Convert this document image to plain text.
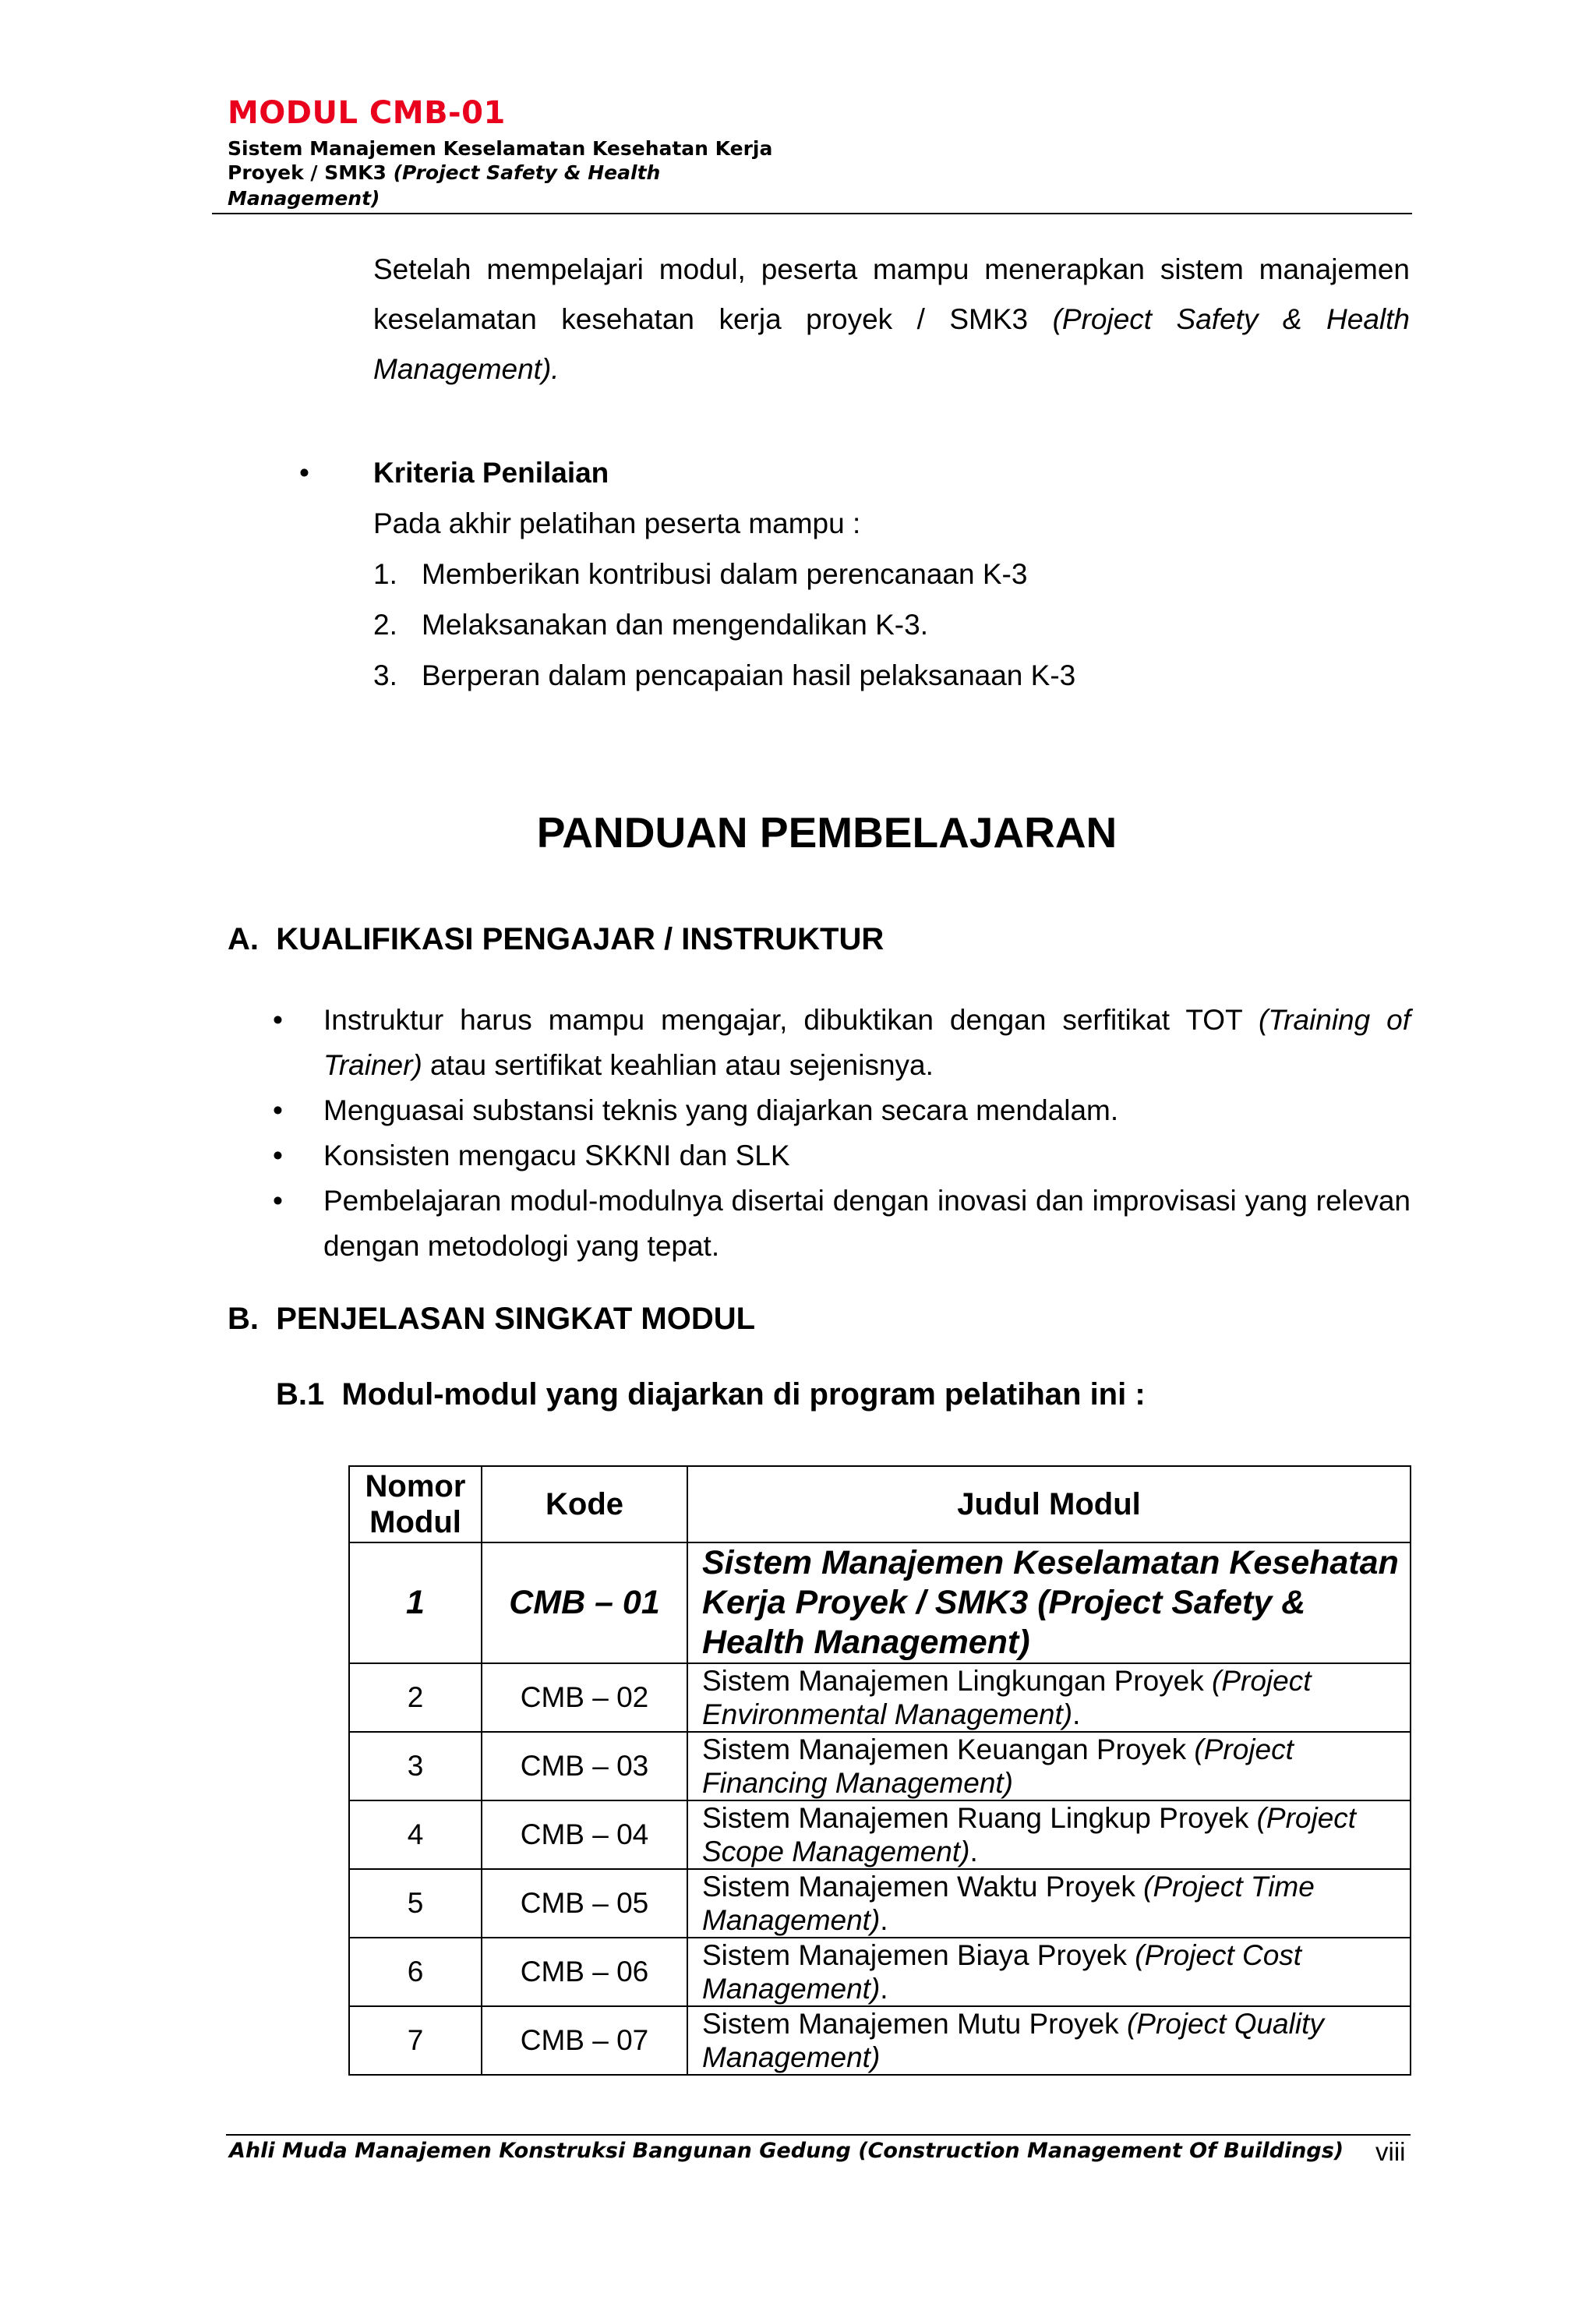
MODUL CMB-01
Sistem Manajemen Keselamatan Kesehatan Kerja
Proyek / SMK3 (Project Safety & Health
Management)
Setelah mempelajari modul, peserta mampu menerapkan sistem manajemen
keselamatan kesehatan kerja proyek / SMK3 (Project Safety & Health
Management).
• Kriteria Penilaian
Pada akhir pelatihan peserta mampu :
1. Memberikan kontribusi dalam perencanaan K-3
2. Melaksanakan dan mengendalikan K-3.
3. Berperan dalam pencapaian hasil pelaksanaan K-3
PANDUAN PEMBELAJARAN
A.  KUALIFIKASI PENGAJAR / INSTRUKTUR
•	Instruktur harus mampu mengajar, dibuktikan dengan serfitikat TOT (Training of Trainer) atau sertifikat keahlian atau sejenisnya.
•	Menguasai substansi teknis yang diajarkan secara mendalam.
•	Konsisten mengacu SKKNI dan SLK
•	Pembelajaran modul-modulnya disertai dengan inovasi dan improvisasi yang relevan dengan metodologi yang tepat.
B.  PENJELASAN SINGKAT MODUL
B.1  Modul-modul yang diajarkan di program pelatihan ini :
Nomor
Modul	Kode	Judul Modul
1	CMB – 01	Sistem Manajemen Keselamatan Kesehatan Kerja Proyek / SMK3 (Project Safety & Health Management)
2	CMB – 02	Sistem Manajemen Lingkungan Proyek (Project Environmental Management).
3	CMB – 03	Sistem Manajemen Keuangan Proyek (Project Financing Management)
4	CMB – 04	Sistem Manajemen Ruang Lingkup Proyek (Project Scope Management).
5	CMB – 05	Sistem Manajemen Waktu Proyek (Project Time Management).
6	CMB – 06	Sistem Manajemen Biaya Proyek (Project Cost Management).
7	CMB – 07	Sistem Manajemen Mutu Proyek (Project Quality Management)
Ahli Muda Manajemen Konstruksi Bangunan Gedung (Construction Management Of Buildings) viii
